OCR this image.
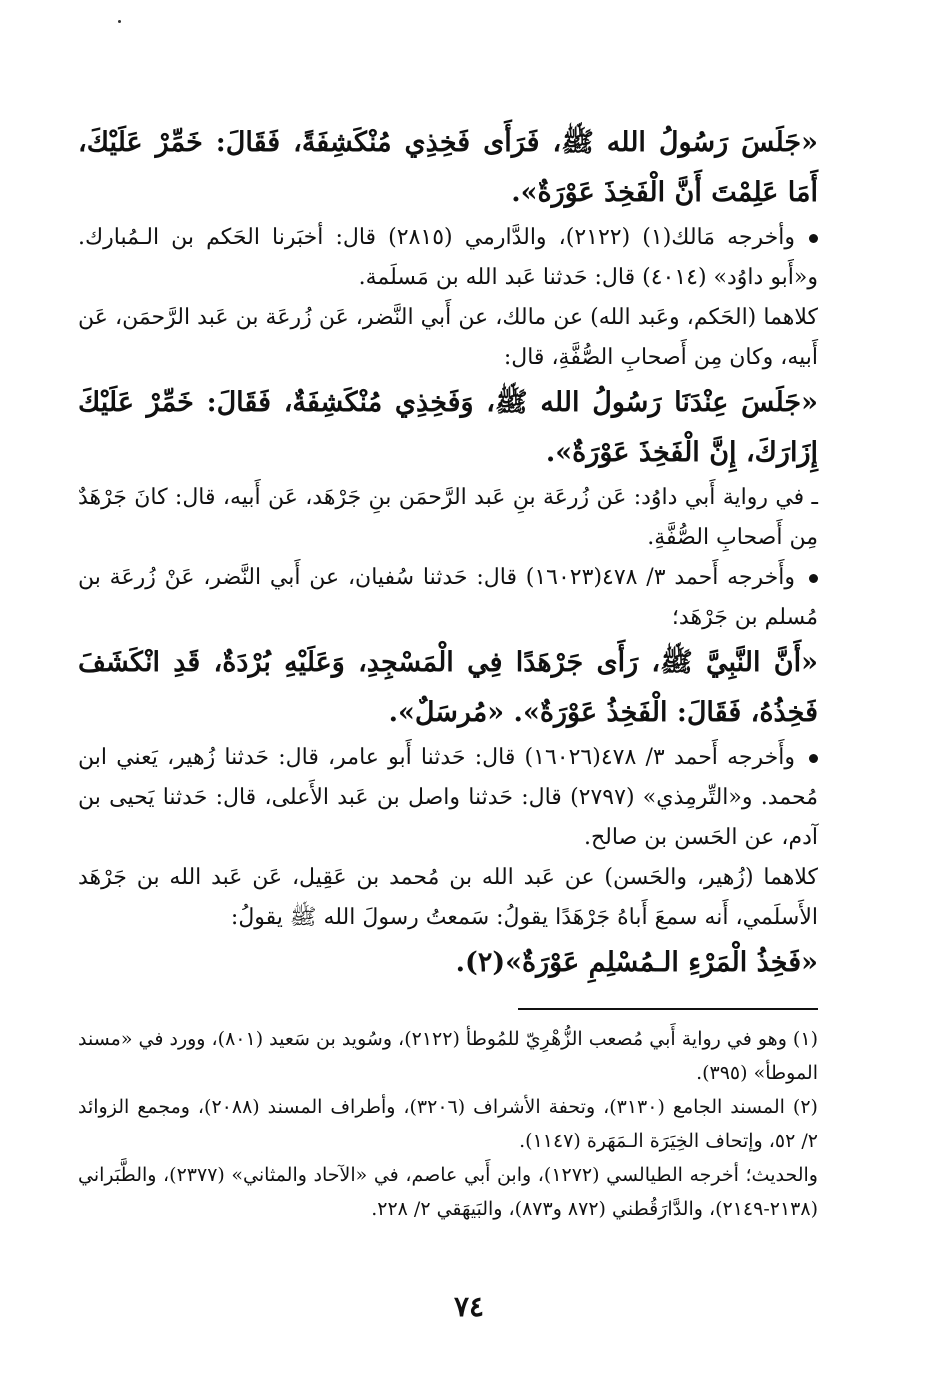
«جَلَسَ رَسُولُ الله ﷺ، فَرَأَى فَخِذِي مُنْكَشِفَةً، فَقَالَ: خَمِّرْ عَلَيْكَ، أَمَا عَلِمْتَ أَنَّ الْفَخِذَ عَوْرَةٌ».

وأخرجه مَالك(١) (٢١٢٢)، والدَّارمي (٢٨١٥) قال: أخبَرنا الحَكم بن الـمُبارك. و«أَبو داوُد» (٤٠١٤) قال: حَدثنا عَبد الله بن مَسلَمة.

كلاهما (الحَكم، وعَبد الله) عن مالك، عن أَبي النَّضر، عَن زُرعَة بن عَبد الرَّحمَن، عَن أَبيه، وكان مِن أَصحابِ الصُّفَّةِ، قال:

«جَلَسَ عِنْدَنَا رَسُولُ الله ﷺ، وَفَخِذِي مُنْكَشِفَةٌ، فَقَالَ: خَمِّرْ عَلَيْكَ إِزَارَكَ، إِنَّ الْفَخِذَ عَوْرَةٌ».

ـ في رواية أَبي داوُد: عَن زُرعَة بنِ عَبد الرَّحمَن بنِ جَرْهَد، عَن أَبيه، قال: كانَ جَرْهَدٌ مِن أَصحابِ الصُّفَّةِ.

وأَخرجه أَحمد ٣/ ٤٧٨(١٦٠٢٣) قال: حَدثنا سُفيان، عن أَبي النَّضر، عَنْ زُرعَة بن مُسلم بن جَرْهَد؛

«أَنَّ النَّبِيَّ ﷺ، رَأَى جَرْهَدًا فِي الْمَسْجِدِ، وَعَلَيْهِ بُرْدَةٌ، قَدِ انْكَشَفَ فَخِذُهُ، فَقَالَ: الْفَخِذُ عَوْرَةٌ». «مُرسَلٌ».

وأَخرجه أَحمد ٣/ ٤٧٨(١٦٠٢٦) قال: حَدثنا أَبو عامر، قال: حَدثنا زُهير، يَعني ابن مُحمد. و«التِّرمِذي» (٢٧٩٧) قال: حَدثنا واصل بن عَبد الأَعلى، قال: حَدثنا يَحيى بن آدم، عن الحَسن بن صالح.

كلاهما (زُهير، والحَسن) عن عَبد الله بن مُحمد بن عَقِيل، عَن عَبد الله بن جَرْهَد الأَسلَمي، أَنه سمعَ أَباهُ جَرْهَدًا يقولُ: سَمعتُ رسولَ الله ﷺ يقولُ:

«فَخِذُ الْمَرْءِ الـمُسْلِمِ عَوْرَةٌ»(٢).

(١) وهو في رواية أَبي مُصعب الزُّهْرِيّ للمُوطأ (٢١٢٢)، وسُويد بن سَعيد (٨٠١)، وورد في «مسند الموطأ» (٣٩٥).

(٢) المسند الجامع (٣١٣٠)، وتحفة الأشراف (٣٢٠٦)، وأطراف المسند (٢٠٨٨)، ومجمع الزوائد ٢/ ٥٢، وإتحاف الخِيَرَة الـمَهَرة (١١٤٧).

والحديث؛ أخرجه الطيالسي (١٢٧٢)، وابن أَبي عاصم، في «الآحاد والمثاني» (٢٣٧٧)، والطَّبَراني (٢١٣٨-٢١٤٩)، والدَّارَقُطني (٨٧٢ و٨٧٣)، والبَيهَقي ٢/ ٢٢٨.

٧٤
